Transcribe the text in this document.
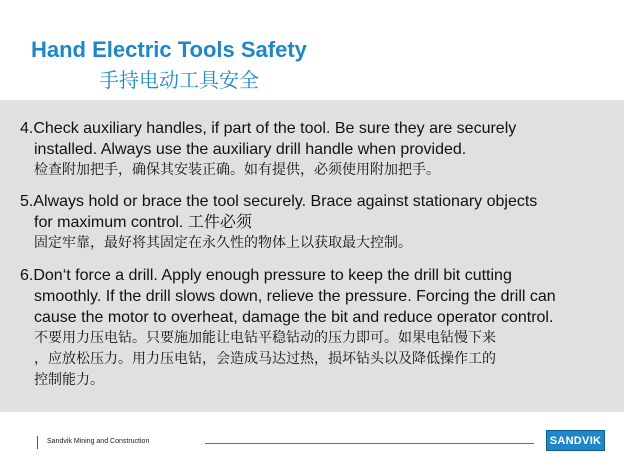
Hand Electric Tools Safety
手持电动工具安全
4.Check auxiliary handles, if part of the tool. Be sure they are securely
installed. Always use the auxiliary drill handle when provided.
检查附加把手，确保其安装正确。如有提供，必须使用附加把手。
5.Always hold or brace the tool securely. Brace against stationary objects
for maximum control. 工件必须
固定牢靠，最好将其固定在永久性的物体上以获取最大控制。
6.Don‘t force a drill. Apply enough pressure to keep the drill bit cutting
smoothly. If the drill slows down, relieve the pressure. Forcing the drill can
cause the motor to overheat, damage the bit and reduce operator control.
不要用力压电钻。只要施加能让电钻平稳钻动的压力即可。如果电钻慢下来
，应放松压力。用力压电钻，会造成马达过热，损坏钻头以及降低操作工的
控制能力。
Sandvik Mining and Construction	SANDVIK
